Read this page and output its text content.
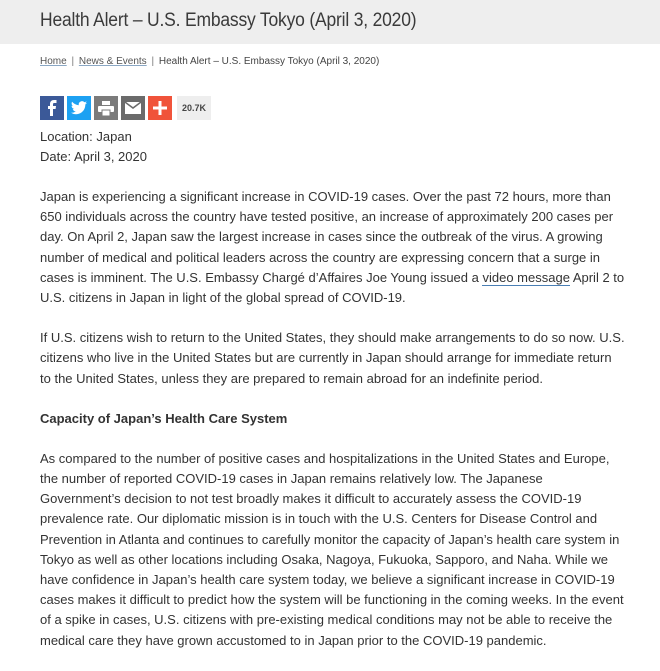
Health Alert – U.S. Embassy Tokyo (April 3, 2020)
Home | News & Events | Health Alert – U.S. Embassy Tokyo (April 3, 2020)
20.7K
Location: Japan
Date: April 3, 2020

Japan is experiencing a significant increase in COVID-19 cases. Over the past 72 hours, more than 650 individuals across the country have tested positive, an increase of approximately 200 cases per day. On April 2, Japan saw the largest increase in cases since the outbreak of the virus. A growing number of medical and political leaders across the country are expressing concern that a surge in cases is imminent. The U.S. Embassy Chargé d’Affaires Joe Young issued a video message April 2 to U.S. citizens in Japan in light of the global spread of COVID-19.

If U.S. citizens wish to return to the United States, they should make arrangements to do so now. U.S. citizens who live in the United States but are currently in Japan should arrange for immediate return to the United States, unless they are prepared to remain abroad for an indefinite period.

Capacity of Japan’s Health Care System

As compared to the number of positive cases and hospitalizations in the United States and Europe, the number of reported COVID-19 cases in Japan remains relatively low. The Japanese Government’s decision to not test broadly makes it difficult to accurately assess the COVID-19 prevalence rate. Our diplomatic mission is in touch with the U.S. Centers for Disease Control and Prevention in Atlanta and continues to carefully monitor the capacity of Japan’s health care system in Tokyo as well as other locations including Osaka, Nagoya, Fukuoka, Sapporo, and Naha. While we have confidence in Japan’s health care system today, we believe a significant increase in COVID-19 cases makes it difficult to predict how the system will be functioning in the coming weeks. In the event of a spike in cases, U.S. citizens with pre-existing medical conditions may not be able to receive the medical care they have grown accustomed to in Japan prior to the COVID-19 pandemic.
